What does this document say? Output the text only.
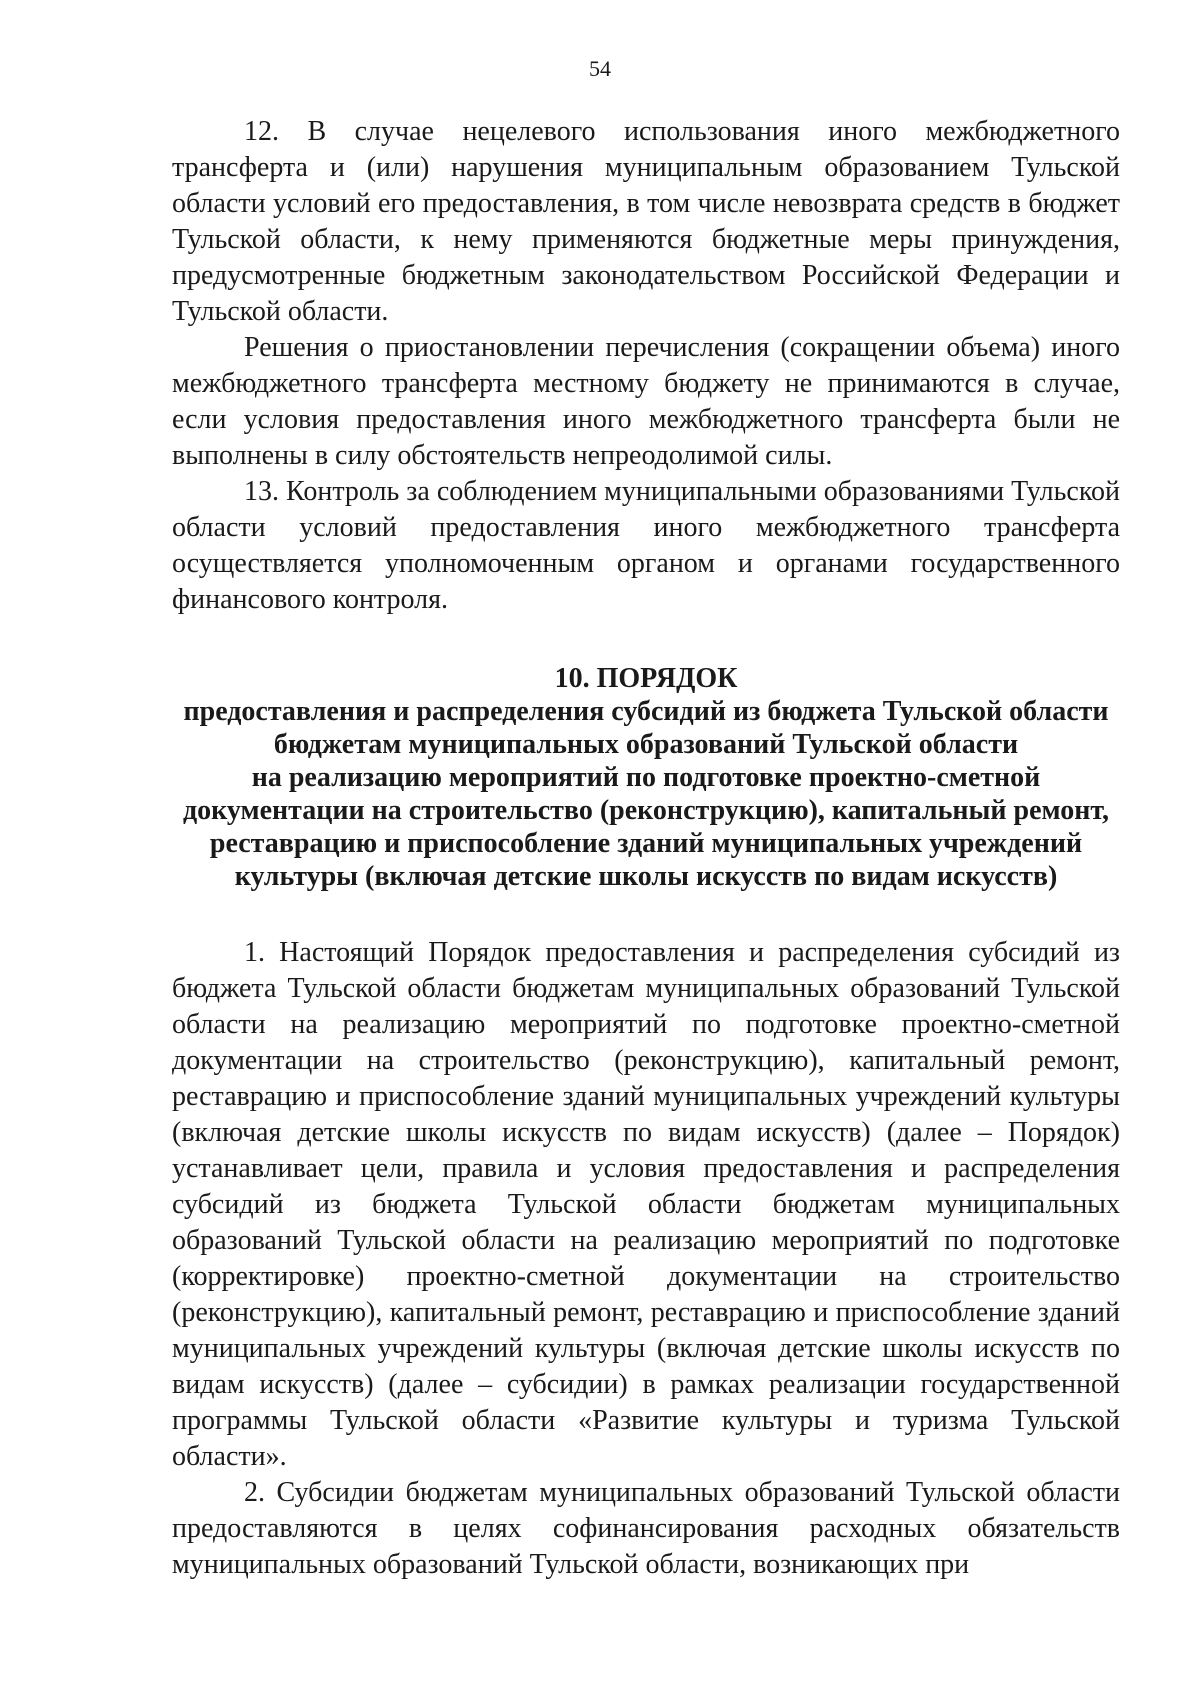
54

12. В случае нецелевого использования иного межбюджетного трансферта и (или) нарушения муниципальным образованием Тульской области условий его предоставления, в том числе невозврата средств в бюджет Тульской области, к нему применяются бюджетные меры принуждения, предусмотренные бюджетным законодательством Российской Федерации и Тульской области.

Решения о приостановлении перечисления (сокращении объема) иного межбюджетного трансферта местному бюджету не принимаются в случае, если условия предоставления иного межбюджетного трансферта были не выполнены в силу обстоятельств непреодолимой силы.

13. Контроль за соблюдением муниципальными образованиями Тульской области условий предоставления иного межбюджетного трансферта осуществляется уполномоченным органом и органами государственного финансового контроля.

10. ПОРЯДОК
предоставления и распределения субсидий из бюджета Тульской области
бюджетам муниципальных образований Тульской области
на реализацию мероприятий по подготовке проектно-сметной
документации на строительство (реконструкцию), капитальный ремонт,
реставрацию и приспособление зданий муниципальных учреждений
культуры (включая детские школы искусств по видам искусств)

1. Настоящий Порядок предоставления и распределения субсидий из бюджета Тульской области бюджетам муниципальных образований Тульской области на реализацию мероприятий по подготовке проектно-сметной документации на строительство (реконструкцию), капитальный ремонт, реставрацию и приспособление зданий муниципальных учреждений культуры (включая детские школы искусств по видам искусств) (далее – Порядок) устанавливает цели, правила и условия предоставления и распределения субсидий из бюджета Тульской области бюджетам муниципальных образований Тульской области на реализацию мероприятий по подготовке (корректировке) проектно-сметной документации на строительство (реконструкцию), капитальный ремонт, реставрацию и приспособление зданий муниципальных учреждений культуры (включая детские школы искусств по видам искусств) (далее – субсидии) в рамках реализации государственной программы Тульской области «Развитие культуры и туризма Тульской области».

2. Субсидии бюджетам муниципальных образований Тульской области предоставляются в целях софинансирования расходных обязательств муниципальных образований Тульской области, возникающих при
